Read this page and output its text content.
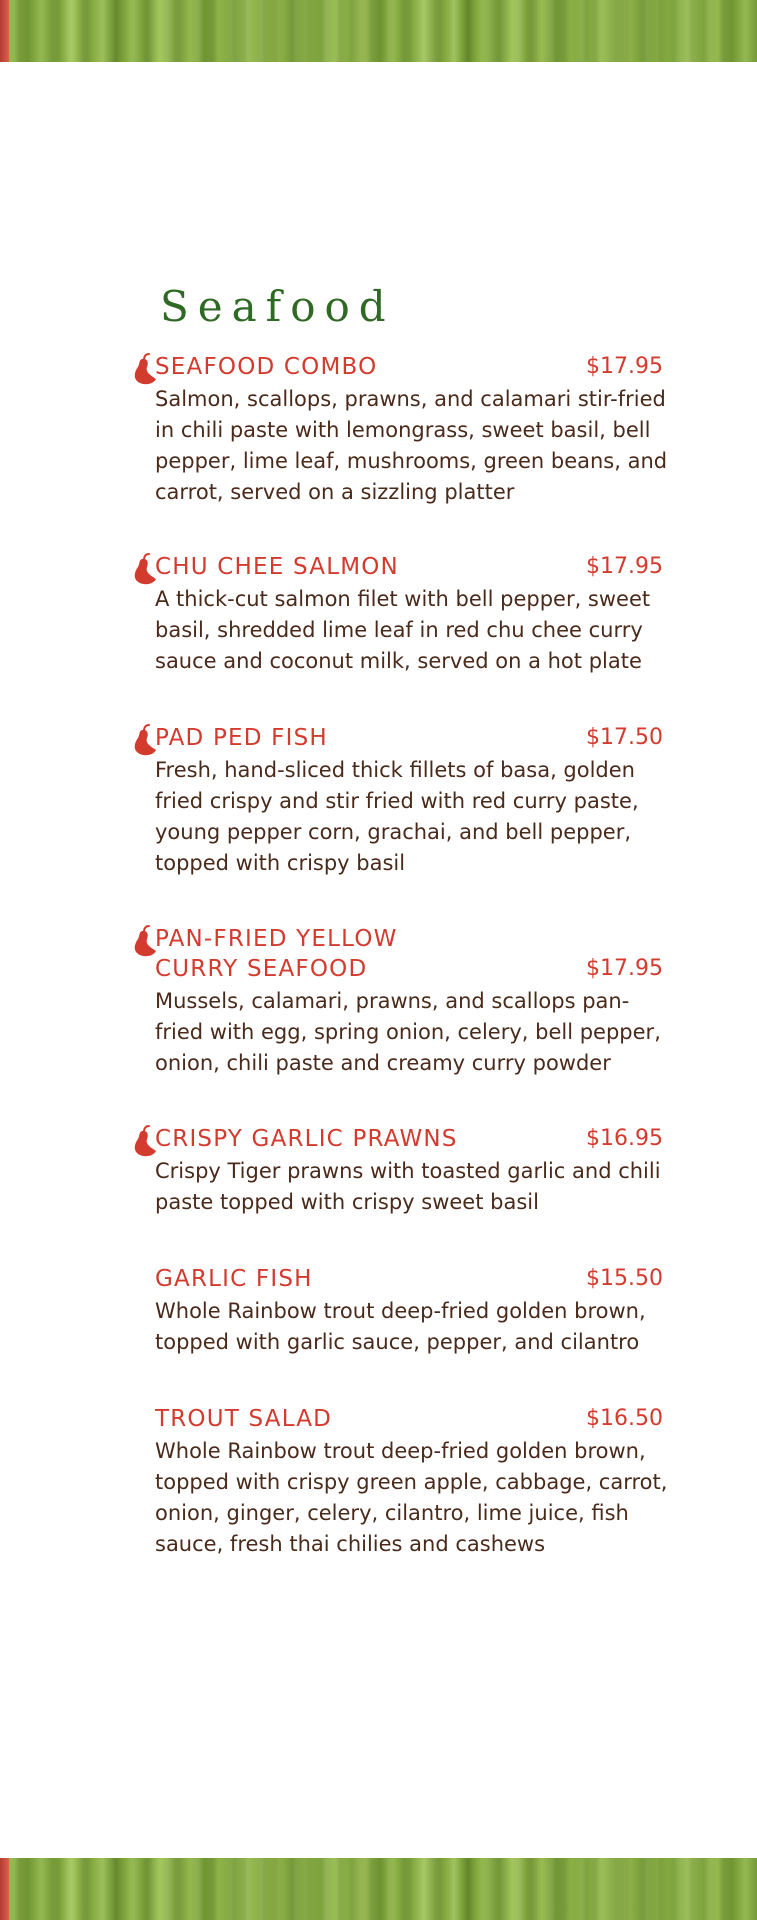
Seafood
SEAFOOD COMBO	$17.95

Salmon, scallops, prawns, and calamari stir-fried in chili paste with lemongrass, sweet basil, bell pepper, lime leaf, mushrooms, green beans, and carrot, served on a sizzling platter

CHU CHEE SALMON	$17.95

A thick-cut salmon filet with bell pepper, sweet basil, shredded lime leaf in red chu chee curry sauce and coconut milk, served on a hot plate

PAD PED FISH	$17.50

Fresh, hand-sliced thick fillets of basa, golden fried crispy and stir fried with red curry paste, young pepper corn, grachai, and bell pepper, topped with crispy basil

PAN-FRIED YELLOW
CURRY SEAFOOD	$17.95

Mussels, calamari, prawns, and scallops pan-fried with egg, spring onion, celery, bell pepper, onion, chili paste and creamy curry powder

CRISPY GARLIC PRAWNS	$16.95

Crispy Tiger prawns with toasted garlic and chili paste topped with crispy sweet basil

GARLIC FISH	$15.50

Whole Rainbow trout deep-fried golden brown, topped with garlic sauce, pepper, and cilantro

TROUT SALAD	$16.50

Whole Rainbow trout deep-fried golden brown, topped with crispy green apple, cabbage, carrot, onion, ginger, celery, cilantro, lime juice, fish sauce, fresh thai chilies and cashews
